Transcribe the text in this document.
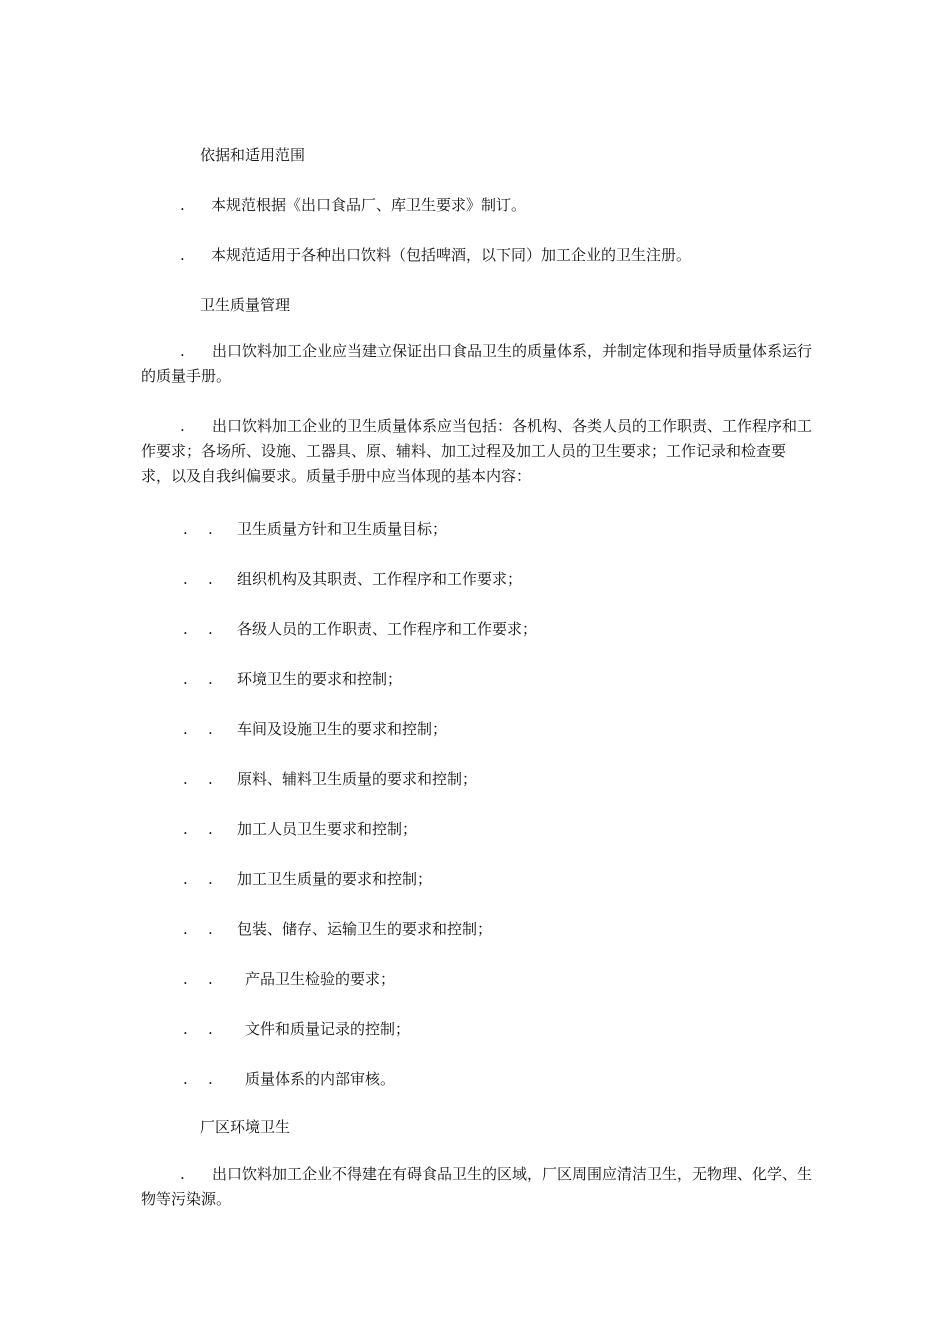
依据和适用范围
. 本规范根据《出口食品厂、库卫生要求》制订。
. 本规范适用于各种出口饮料（包括啤酒，以下同）加工企业的卫生注册。
卫生质量管理
. 出口饮料加工企业应当建立保证出口食品卫生的质量体系，并制定体现和指导质量体系运行的质量手册。
. 出口饮料加工企业的卫生质量体系应当包括：各机构、各类人员的工作职责、工作程序和工作要求；各场所、设施、工器具、原、辅料、加工过程及加工人员的卫生要求；工作记录和检查要求，以及自我纠偏要求。质量手册中应当体现的基本内容：
. . 卫生质量方针和卫生质量目标；
. . 组织机构及其职责、工作程序和工作要求；
. . 各级人员的工作职责、工作程序和工作要求；
. . 环境卫生的要求和控制；
. . 车间及设施卫生的要求和控制；
. . 原料、辅料卫生质量的要求和控制；
. . 加工人员卫生要求和控制；
. . 加工卫生质量的要求和控制；
. . 包装、储存、运输卫生的要求和控制；
. . 产品卫生检验的要求；
. . 文件和质量记录的控制；
. . 质量体系的内部审核。
厂区环境卫生
. 出口饮料加工企业不得建在有碍食品卫生的区域，厂区周围应清洁卫生，无物理、化学、生物等污染源。
